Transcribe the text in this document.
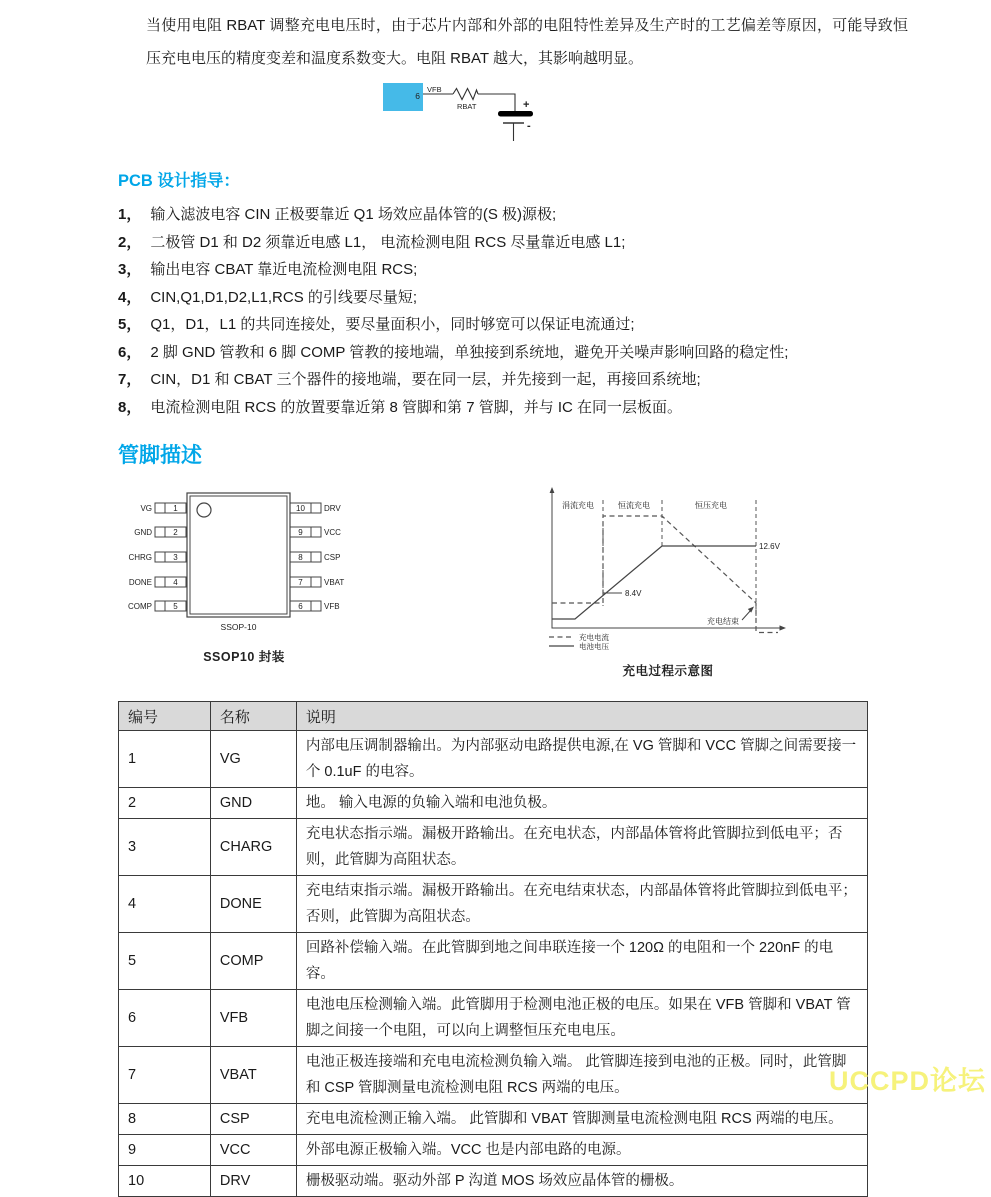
当使用电阻 RBAT 调整充电电压时，由于芯片内部和外部的电阻特性差异及生产时的工艺偏差等原因，可能导致恒压充电电压的精度变差和温度系数变大。电阻 RBAT 越大，其影响越明显。

6
VFB
RBAT	+
-
PCB 设计指导：
1， 输入滤波电容 CIN 正极要靠近 Q1 场效应晶体管的(S 极)源极;
2， 二极管 D1 和 D2 须靠近电感 L1， 电流检测电阻 RCS 尽量靠近电感 L1;
3， 输出电容 CBAT 靠近电流检测电阻 RCS;
4， CIN,Q1,D1,D2,L1,RCS 的引线要尽量短;
5， Q1，D1，L1 的共同连接处，要尽量面积小，同时够宽可以保证电流通过;
6， 2 脚 GND 管教和 6 脚 COMP 管教的接地端，单独接到系统地，避免开关噪声影响回路的稳定性;
7， CIN，D1 和 CBAT 三个器件的接地端，要在同一层，并先接到一起，再接回系统地;
8， 电流检测电阻 RCS 的放置要靠近第 8 管脚和第 7 管脚，并与 IC 在同一层板面。
管脚描述
VG
GND
CHRG
DONE
COMP
1
2
3
4
5
10
9
8
7
6
DRV
VCC
CSP
VBAT
VFB
SSOP-10
SSOP10 封装
涓流充电	恒流充电	恒压充电
8.4V
12.6V
充电结束
充电电流
电池电压
充电过程示意图
编号	名称	说明
1	VG	内部电压调制器输出。为内部驱动电路提供电源,在 VG 管脚和 VCC 管脚之间需要接一个 0.1uF 的电容。
2	GND	地。 输入电源的负输入端和电池负极。
3	CHARG	充电状态指示端。漏极开路输出。在充电状态，内部晶体管将此管脚拉到低电平；否则，此管脚为高阻状态。
4	DONE	充电结束指示端。漏极开路输出。在充电结束状态，内部晶体管将此管脚拉到低电平；否则，此管脚为高阻状态。
5	COMP	回路补偿输入端。在此管脚到地之间串联连接一个 120Ω 的电阻和一个 220nF 的电容。
6	VFB	电池电压检测输入端。此管脚用于检测电池正极的电压。如果在 VFB 管脚和 VBAT 管脚之间接一个电阻，可以向上调整恒压充电电压。
7	VBAT	电池正极连接端和充电电流检测负输入端。 此管脚连接到电池的正极。同时，此管脚和 CSP 管脚测量电流检测电阻 RCS 两端的电压。
8	CSP	充电电流检测正输入端。 此管脚和 VBAT 管脚测量电流检测电阻 RCS 两端的电压。
9	VCC	外部电源正极输入端。VCC 也是内部电路的电源。
10	DRV	栅极驱动端。驱动外部 P 沟道 MOS 场效应晶体管的栅极。
UCCPD论坛
